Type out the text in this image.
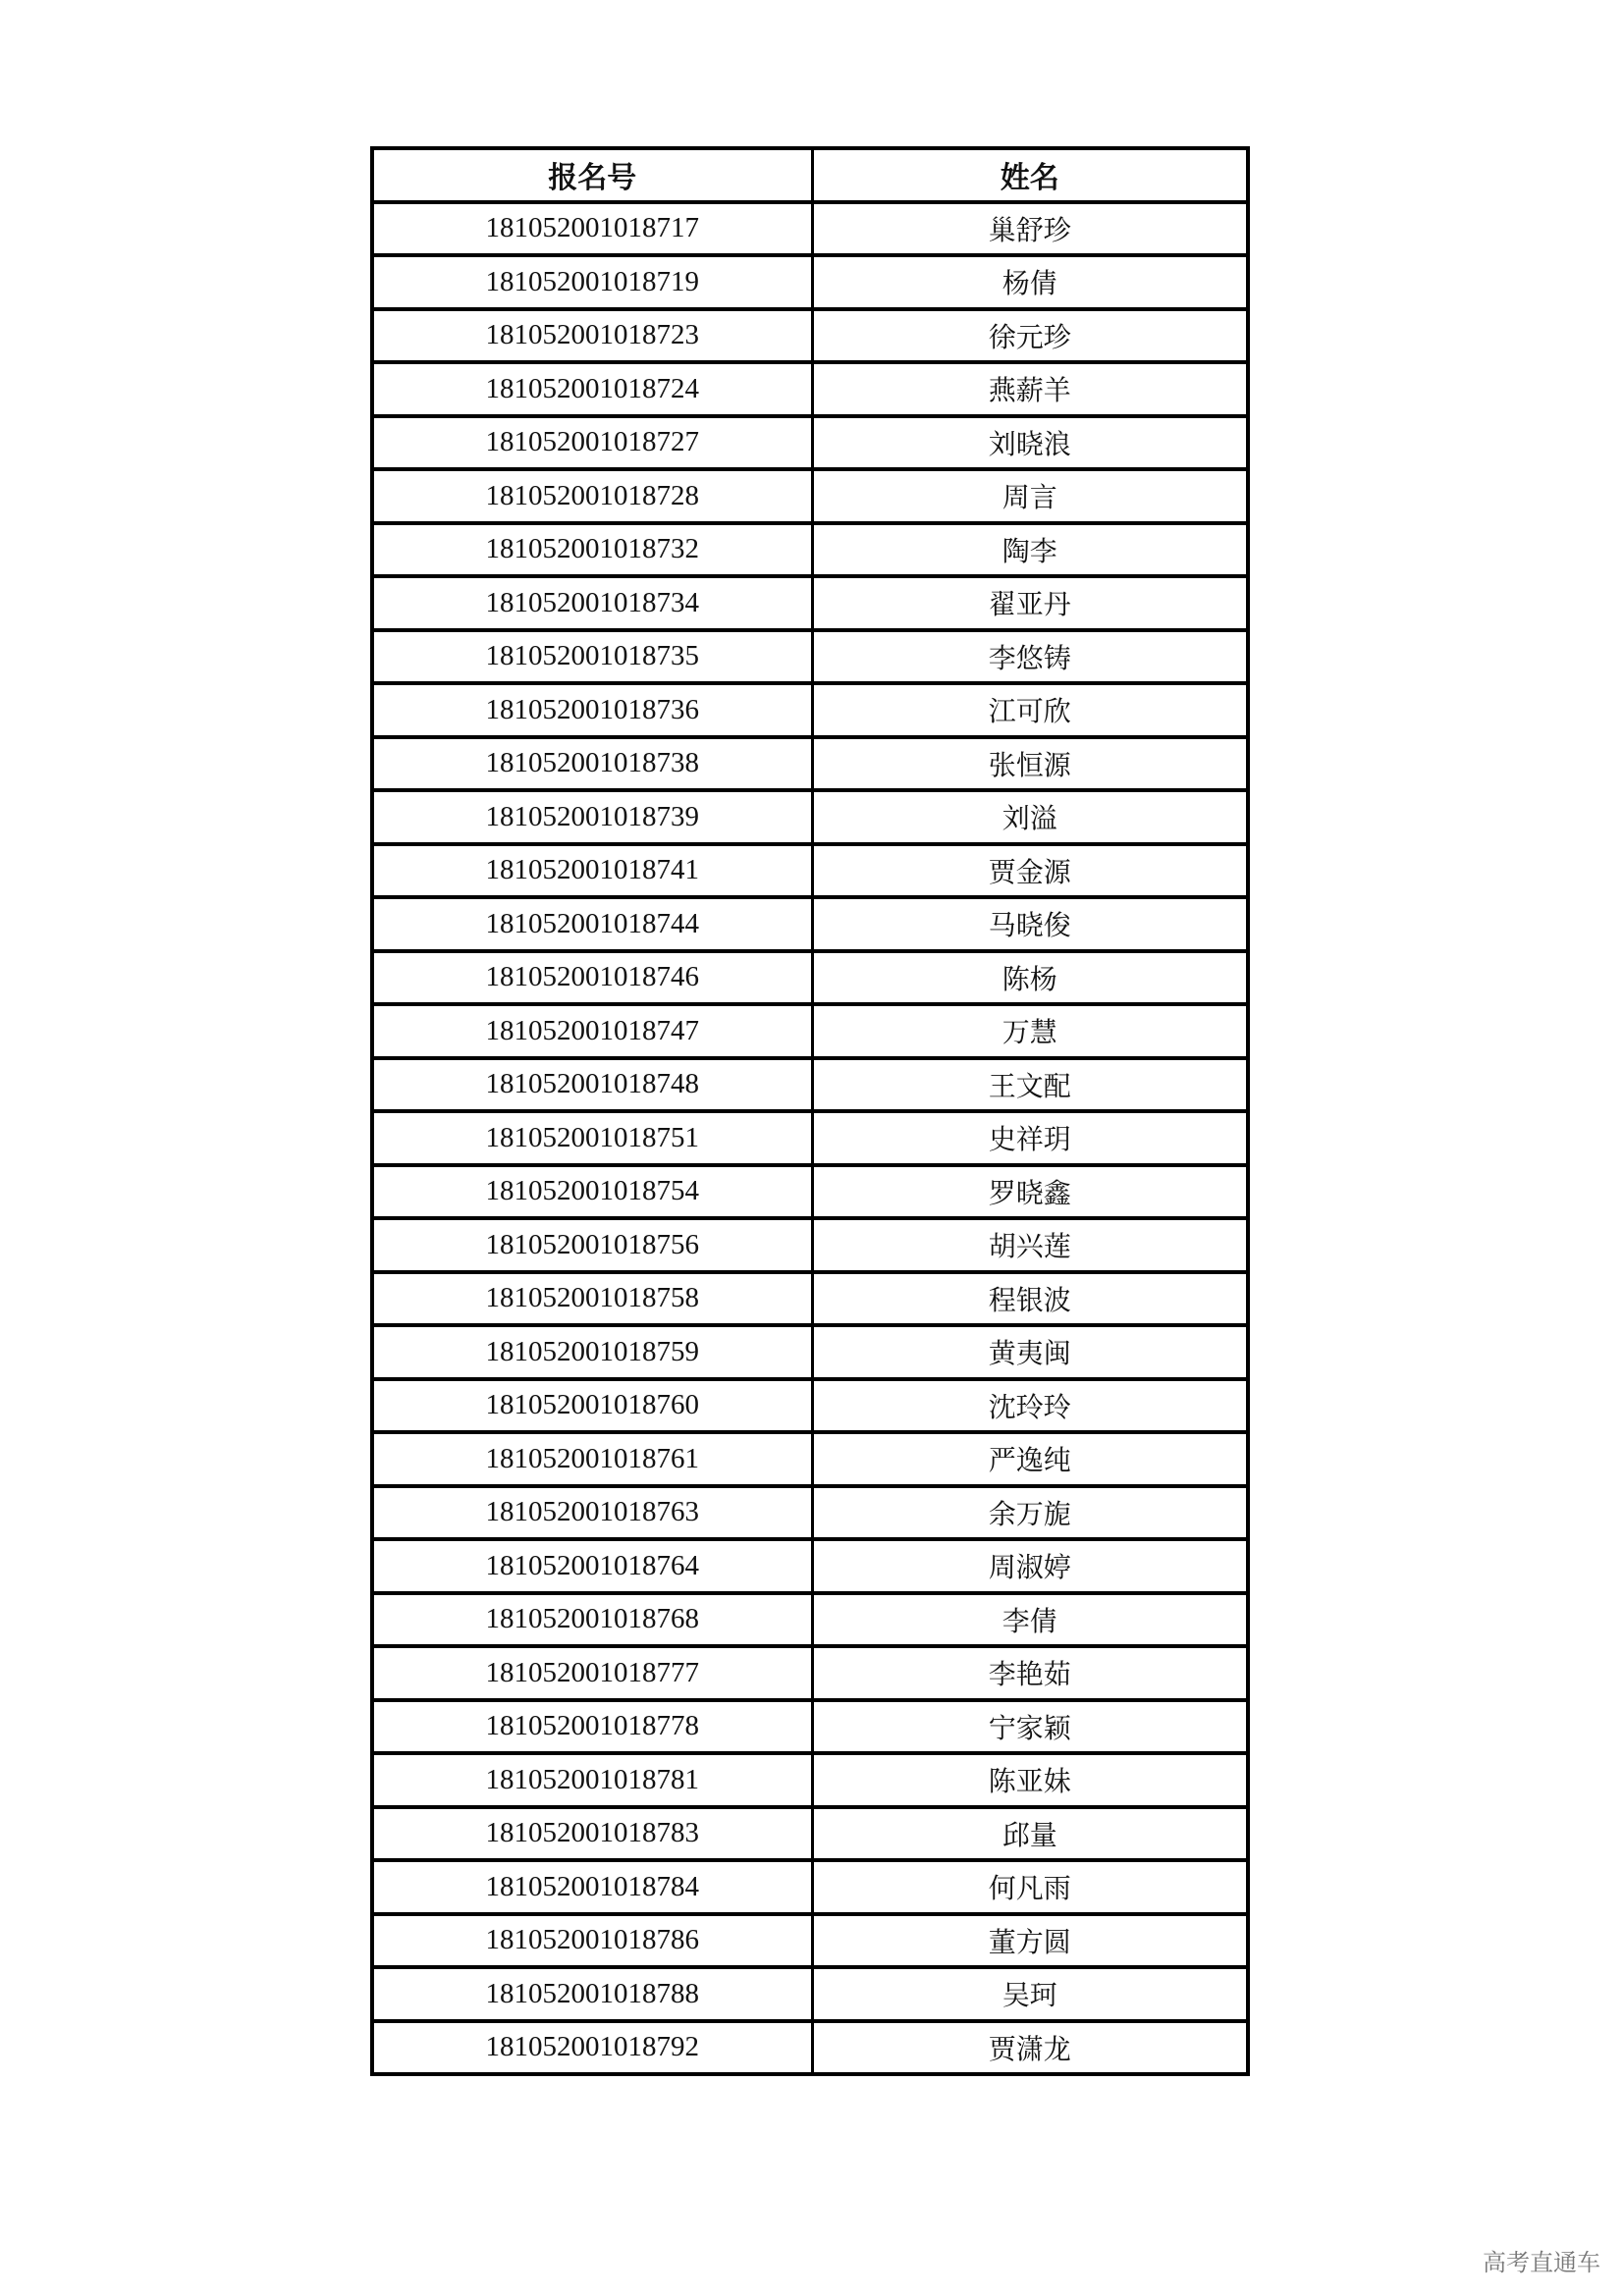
报名号	姓名
181052001018717	巢舒珍
181052001018719	杨倩
181052001018723	徐元珍
181052001018724	燕薪羊
181052001018727	刘晓浪
181052001018728	周言
181052001018732	陶李
181052001018734	翟亚丹
181052001018735	李悠铸
181052001018736	江可欣
181052001018738	张恒源
181052001018739	刘溢
181052001018741	贾金源
181052001018744	马晓俊
181052001018746	陈杨
181052001018747	万慧
181052001018748	王文配
181052001018751	史祥玥
181052001018754	罗晓鑫
181052001018756	胡兴莲
181052001018758	程银波
181052001018759	黄夷闽
181052001018760	沈玲玲
181052001018761	严逸纯
181052001018763	余万旎
181052001018764	周淑婷
181052001018768	李倩
181052001018777	李艳茹
181052001018778	宁家颖
181052001018781	陈亚妹
181052001018783	邱量
181052001018784	何凡雨
181052001018786	董方圆
181052001018788	吴珂
181052001018792	贾潇龙
高考直通车
